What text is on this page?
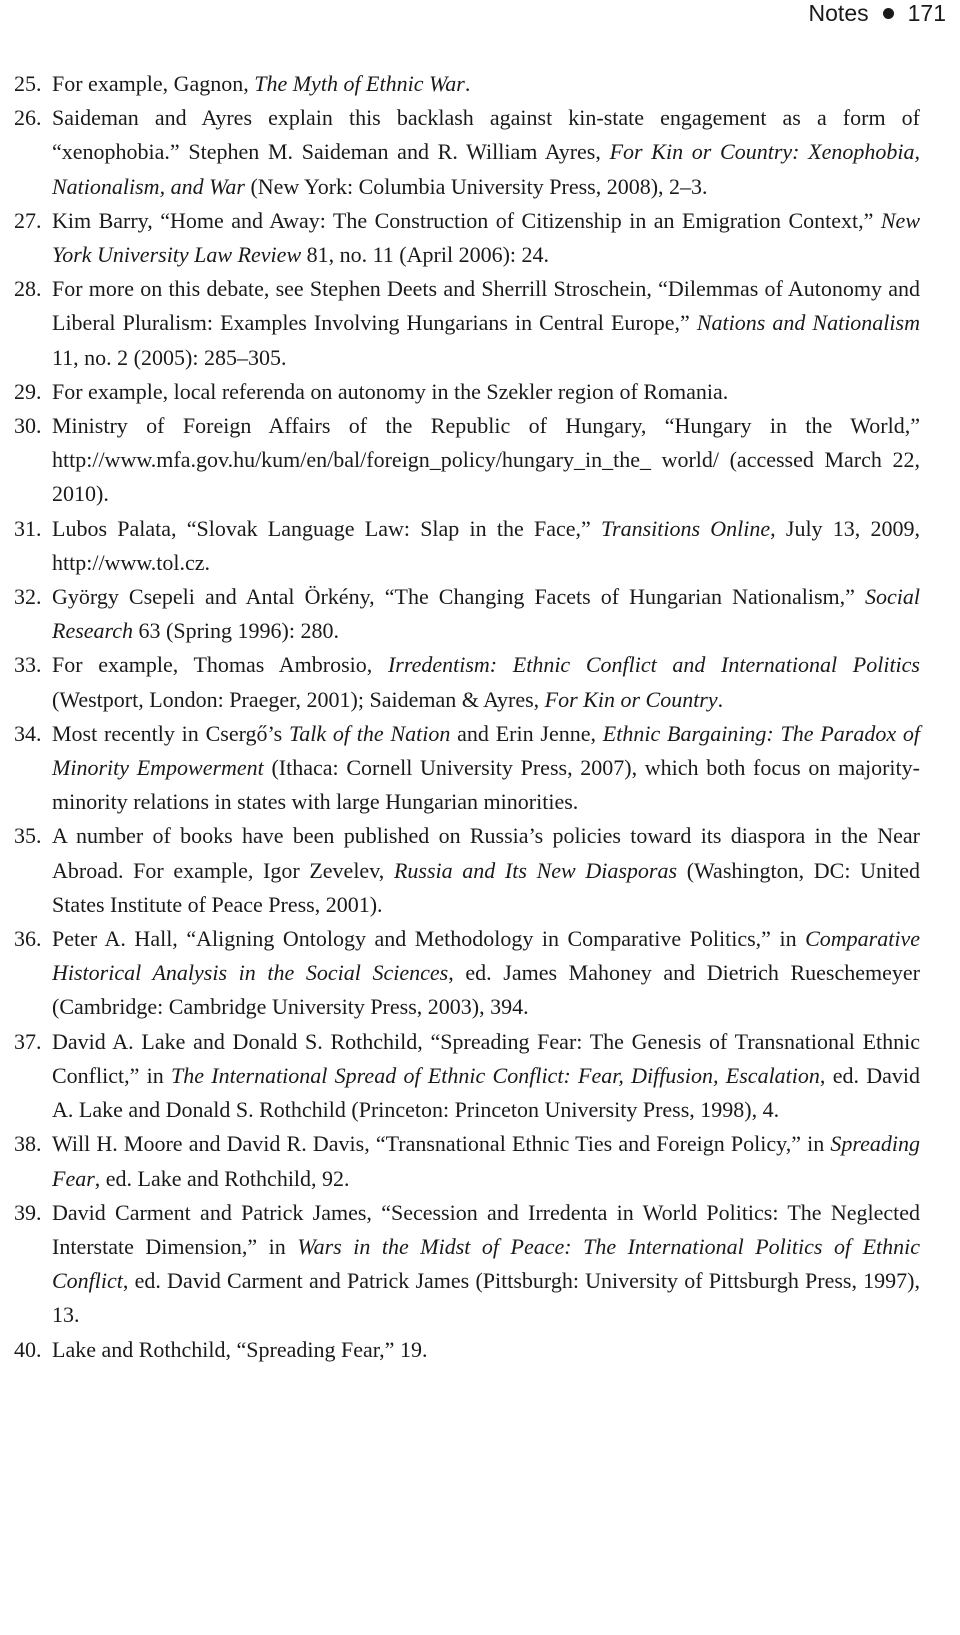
Notes 171
25. For example, Gagnon, The Myth of Ethnic War.
26. Saideman and Ayres explain this backlash against kin-state engagement as a form of “xenophobia.” Stephen M. Saideman and R. William Ayres, For Kin or Country: Xenophobia, Nationalism, and War (New York: Columbia University Press, 2008), 2–3.
27. Kim Barry, “Home and Away: The Construction of Citizenship in an Emigration Context,” New York University Law Review 81, no. 11 (April 2006): 24.
28. For more on this debate, see Stephen Deets and Sherrill Stroschein, “Dilemmas of Autonomy and Liberal Pluralism: Examples Involving Hungarians in Central Europe,” Nations and Nationalism 11, no. 2 (2005): 285–305.
29. For example, local referenda on autonomy in the Szekler region of Romania.
30. Ministry of Foreign Affairs of the Republic of Hungary, “Hungary in the World,” http://www.mfa.gov.hu/kum/en/bal/foreign_policy/hungary_in_the_ world/ (accessed March 22, 2010).
31. Lubos Palata, “Slovak Language Law: Slap in the Face,” Transitions Online, July 13, 2009, http://www.tol.cz.
32. György Csepeli and Antal Örkény, “The Changing Facets of Hungarian Nationalism,” Social Research 63 (Spring 1996): 280.
33. For example, Thomas Ambrosio, Irredentism: Ethnic Conflict and International Politics (Westport, London: Praeger, 2001); Saideman & Ayres, For Kin or Country.
34. Most recently in Csergő’s Talk of the Nation and Erin Jenne, Ethnic Bargaining: The Paradox of Minority Empowerment (Ithaca: Cornell University Press, 2007), which both focus on majority-minority relations in states with large Hungarian minorities.
35. A number of books have been published on Russia’s policies toward its diaspora in the Near Abroad. For example, Igor Zevelev, Russia and Its New Diasporas (Washington, DC: United States Institute of Peace Press, 2001).
36. Peter A. Hall, “Aligning Ontology and Methodology in Comparative Politics,” in Comparative Historical Analysis in the Social Sciences, ed. James Mahoney and Dietrich Rueschemeyer (Cambridge: Cambridge University Press, 2003), 394.
37. David A. Lake and Donald S. Rothchild, “Spreading Fear: The Genesis of Transnational Ethnic Conflict,” in The International Spread of Ethnic Conflict: Fear, Diffusion, Escalation, ed. David A. Lake and Donald S. Rothchild (Princeton: Princeton University Press, 1998), 4.
38. Will H. Moore and David R. Davis, “Transnational Ethnic Ties and Foreign Policy,” in Spreading Fear, ed. Lake and Rothchild, 92.
39. David Carment and Patrick James, “Secession and Irredenta in World Politics: The Neglected Interstate Dimension,” in Wars in the Midst of Peace: The International Politics of Ethnic Conflict, ed. David Carment and Patrick James (Pittsburgh: University of Pittsburgh Press, 1997), 13.
40. Lake and Rothchild, “Spreading Fear,” 19.
